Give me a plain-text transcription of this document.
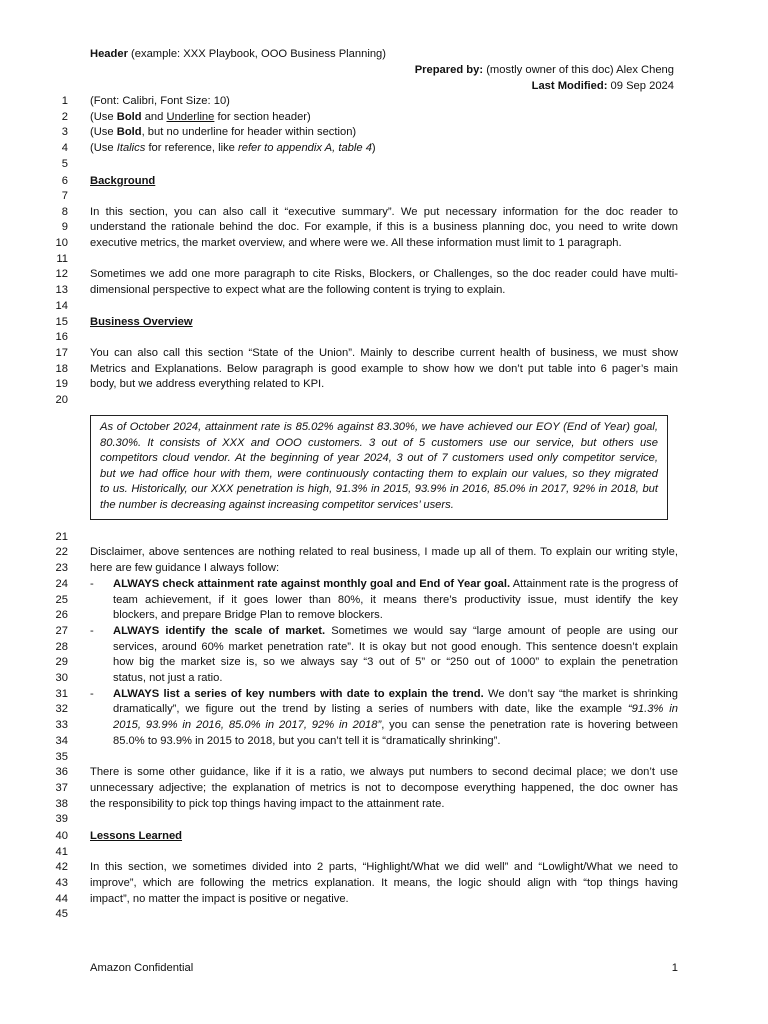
Header (example: XXX Playbook, OOO Business Planning)
Prepared by: (mostly owner of this doc) Alex Cheng
Last Modified: 09 Sep 2024
1
2
3
4
5
6
7
8
9
10
11
12
13
14
15
16
17
18
19
20
21
22
23
24
25
26
27
28
29
30
31
32
33
34
35
36
37
38
39
40
41
42
43
44
45
(Font: Calibri, Font Size: 10)
(Use Bold and Underline for section header)
(Use Bold, but no underline for header within section)
(Use Italics for reference, like refer to appendix A, table 4)
Background
In this section, you can also call it “executive summary”. We put necessary information for the doc reader to
understand the rationale behind the doc. For example, if this is a business planning doc, you need to write down
executive metrics, the market overview, and where were we. All these information must limit to 1 paragraph.
Sometimes we add one more paragraph to cite Risks, Blockers, or Challenges, so the doc reader could have multi-
dimensional perspective to expect what are the following content is trying to explain.
Business Overview
You can also call this section “State of the Union”. Mainly to describe current health of business, we must show
Metrics and Explanations. Below paragraph is good example to show how we don’t put table into 6 pager’s main
body, but we address everything related to KPI.
As of October 2024, attainment rate is 85.02% against 83.30%, we have achieved our EOY (End of Year) goal,
80.30%. It consists of XXX and OOO customers. 3 out of 5 customers use our service, but others use
competitors cloud vendor. At the beginning of year 2024, 3 out of 7 customers used only competitor service,
but we had office hour with them, were continuously contacting them to explain our values, so they migrated
to us. Historically, our XXX penetration is high, 91.3% in 2015, 93.9% in 2016, 85.0% in 2017, 92% in 2018, but
the number is decreasing against increasing competitor services’ users.
Disclaimer, above sentences are nothing related to real business, I made up all of them. To explain our writing style,
here are few guidance I always follow:
-	ALWAYS check attainment rate against monthly goal and End of Year goal. Attainment rate is the progress of
team achievement, if it goes lower than 80%, it means there’s productivity issue, must identify the key
blockers, and prepare Bridge Plan to remove blockers.
-	ALWAYS identify the scale of market. Sometimes we would say “large amount of people are using our
services, around 60% market penetration rate”. It is okay but not good enough. This sentence doesn’t explain
how big the market size is, so we always say “3 out of 5” or “250 out of 1000” to explain the penetration
status, not just a ratio.
-	ALWAYS list a series of key numbers with date to explain the trend. We don’t say “the market is shrinking
dramatically”, we figure out the trend by listing a series of numbers with date, like the example “91.3% in
2015, 93.9% in 2016, 85.0% in 2017, 92% in 2018”, you can sense the penetration rate is hovering between
85.0% to 93.9% in 2015 to 2018, but you can’t tell it is “dramatically shrinking”.
There is some other guidance, like if it is a ratio, we always put numbers to second decimal place; we don’t use
unnecessary adjective; the explanation of metrics is not to decompose everything happened, the doc owner has
the responsibility to pick top things having impact to the attainment rate.
Lessons Learned
In this section, we sometimes divided into 2 parts, “Highlight/What we did well” and “Lowlight/What we need to
improve”, which are following the metrics explanation. It means, the logic should align with “top things having
impact”, no matter the impact is positive or negative.
Amazon Confidential	1
